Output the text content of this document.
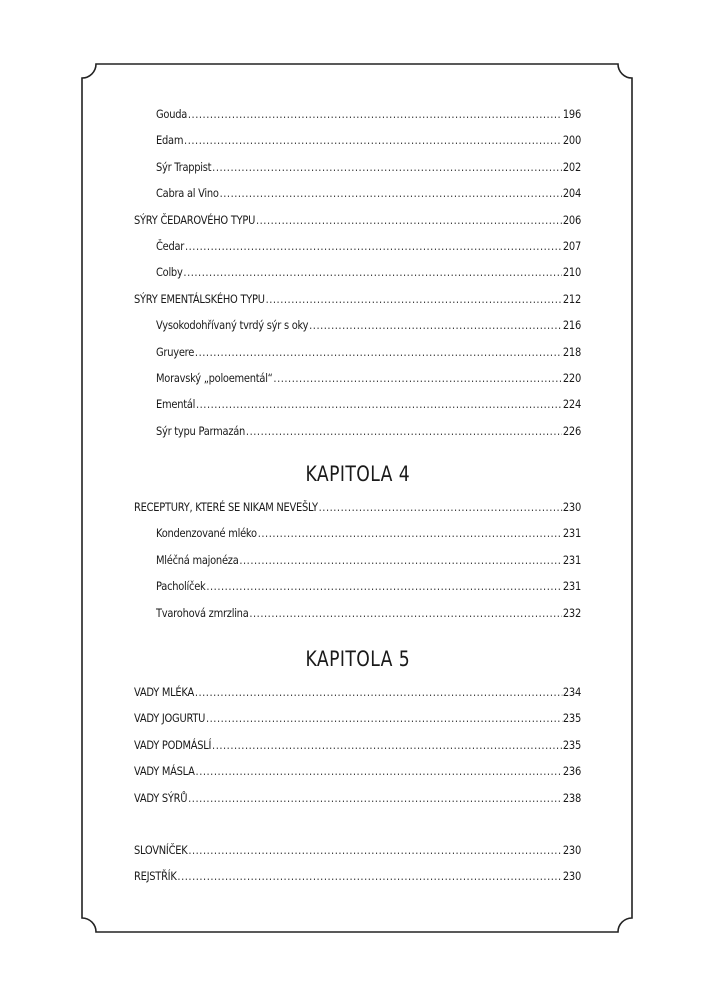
Gouda .....	196
Edam .....	200
Sýr Trappist .....	202
Cabra al Vino .....	204
SÝRY ČEDAROVÉHO TYPU .....	206
Čedar .....	207
Colby .....	210
SÝRY EMENTÁLSKÉHO TYPU .....	212
Vysokodohřívaný tvrdý sýr s oky .....	216
Gruyere .....	218
Moravský „poloementál“ .....	220
Ementál .....	224
Sýr typu Parmazán .....	226
KAPITOLA 4
RECEPTURY, KTERÉ SE NIKAM NEVEŠLY .....	230
Kondenzované mléko .....	231
Mléčná majonéza .....	231
Pacholíček .....	231
Tvarohová zmrzlina .....	232
KAPITOLA 5
VADY MLÉKA .....	234
VADY JOGURTU .....	235
VADY PODMÁSLÍ .....	235
VADY MÁSLA .....	236
VADY SÝRŮ .....	238
SLOVNÍČEK .....	230
REJSTŘÍK .....	230
